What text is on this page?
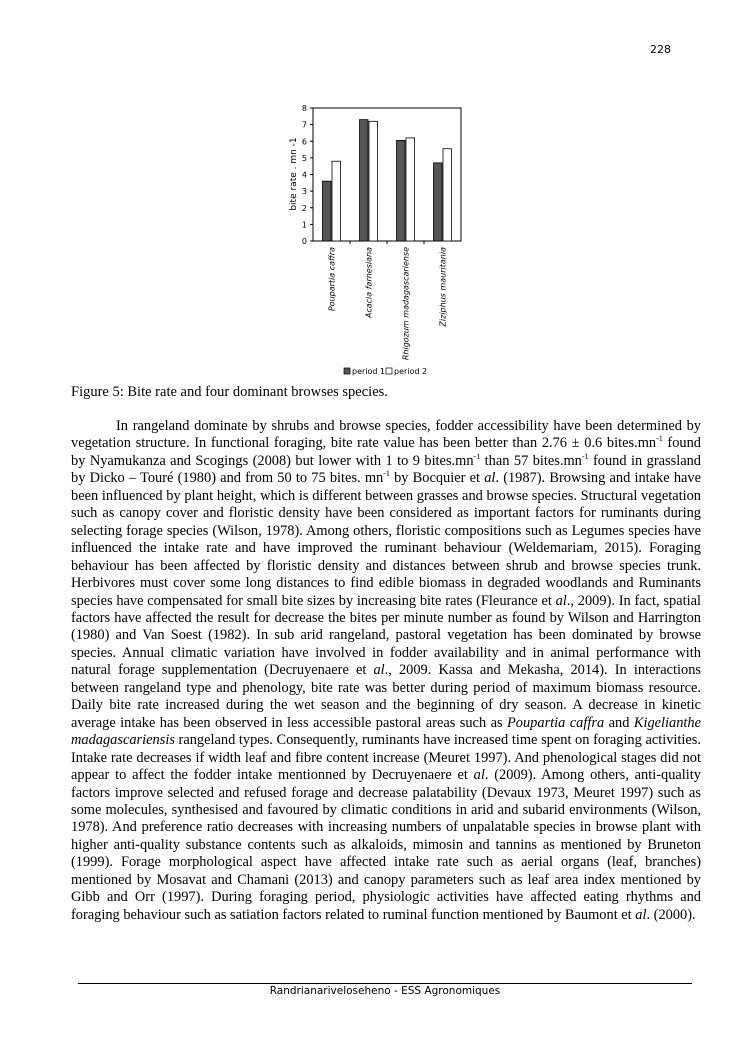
228
0
1
2
3
4
5
6
7
8
Poupartia caffra	Acacia farnesiana	Rhigozum madagascariense	Ziziphus mauritania
period 1 period 2
bite rate . mn -1
Figure 5: Bite rate and four dominant browses species.

In rangeland dominate by shrubs and browse species, fodder accessibility have been determined by vegetation structure. In functional foraging, bite rate value has been better than 2.76 ± 0.6 $bites.mn^{-1}$ found by Nyamukanza and Scogings (2008) but lower with 1 to 9 $bites.mn^{-1}$ than 57 $bites.mn^{-1}$ found in grassland by Dicko – Touré (1980) and from 50 to 75 bites. $mn^{-1}$ by Bocquier et al. (1987). Browsing and intake have been influenced by plant height, which is different between grasses and browse species. Structural vegetation such as canopy cover and floristic density have been considered as important factors for ruminants during selecting forage species (Wilson, 1978). Among others, floristic compositions such as Legumes species have influenced the intake rate and have improved the ruminant behaviour (Weldemariam, 2015). Foraging behaviour has been affected by floristic density and distances between shrub and browse species trunk. Herbivores must cover some long distances to find edible biomass in degraded woodlands and Ruminants species have compensated for small bite sizes by increasing bite rates (Fleurance et al., 2009). In fact, spatial factors have affected the result for decrease the bites per minute number as found by Wilson and Harrington (1980) and Van Soest (1982). In sub arid rangeland, pastoral vegetation has been dominated by browse species. Annual climatic variation have involved in fodder availability and in animal performance with natural forage supplementation (Decruyenaere et al., 2009. Kassa and Mekasha, 2014). In interactions between rangeland type and phenology, bite rate was better during period of maximum biomass resource. Daily bite rate increased during the wet season and the beginning of dry season. A decrease in kinetic average intake has been observed in less accessible pastoral areas such as Poupartia caffra and Kigelianthe madagascariensis rangeland types. Consequently, ruminants have increased time spent on foraging activities. Intake rate decreases if width leaf and fibre content increase (Meuret 1997). And phenological stages did not appear to affect the fodder intake mentionned by Decruyenaere et al. (2009). Among others, anti-quality factors improve selected and refused forage and decrease palatability (Devaux 1973, Meuret 1997) such as some molecules, synthesised and favoured by climatic conditions in arid and subarid environments (Wilson, 1978). And preference ratio decreases with increasing numbers of unpalatable species in browse plant with higher anti-quality substance contents such as alkaloids, mimosin and tannins as mentioned by Bruneton (1999). Forage morphological aspect have affected intake rate such as aerial organs (leaf, branches) mentioned by Mosavat and Chamani (2013) and canopy parameters such as leaf area index mentioned by Gibb and Orr (1997). During foraging period, physiologic activities have affected eating rhythms and foraging behaviour such as satiation factors related to ruminal function mentioned by Baumont et al. (2000).

Randrianariveloseheno - ESS Agronomiques
